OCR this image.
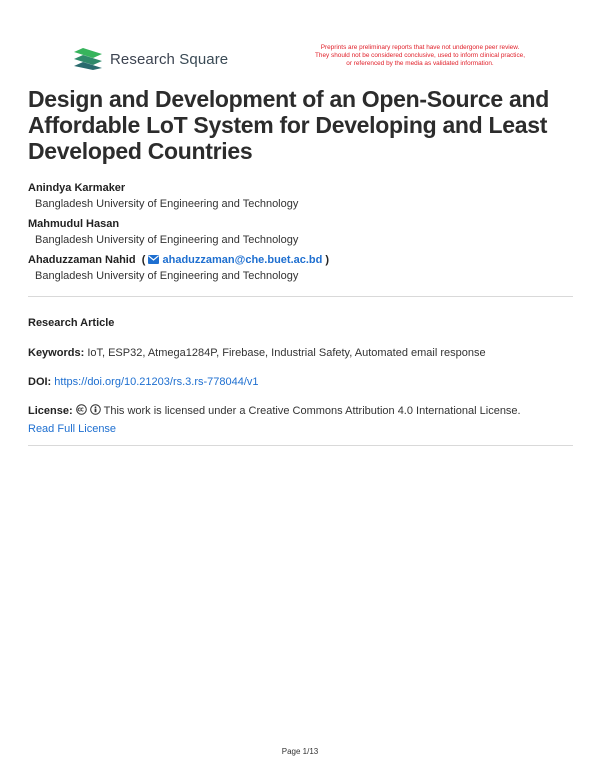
Research Square
Preprints are preliminary reports that have not undergone peer review.
They should not be considered conclusive, used to inform clinical practice,
or referenced by the media as validated information.
Design and Development of an Open-Source and Affordable LoT System for Developing and Least Developed Countries
Anindya Karmaker
Bangladesh University of Engineering and Technology
Mahmudul Hasan
Bangladesh University of Engineering and Technology
Ahaduzzaman Nahid  (  ahaduzzaman@che.buet.ac.bd )
Bangladesh University of Engineering and Technology
Research Article
Keywords: IoT, ESP32, Atmega1284P, Firebase, Industrial Safety, Automated email response
DOI: https://doi.org/10.21203/rs.3.rs-778044/v1
License:	This work is licensed under a Creative Commons Attribution 4.0 International License.
Read Full License
Page 1/13
